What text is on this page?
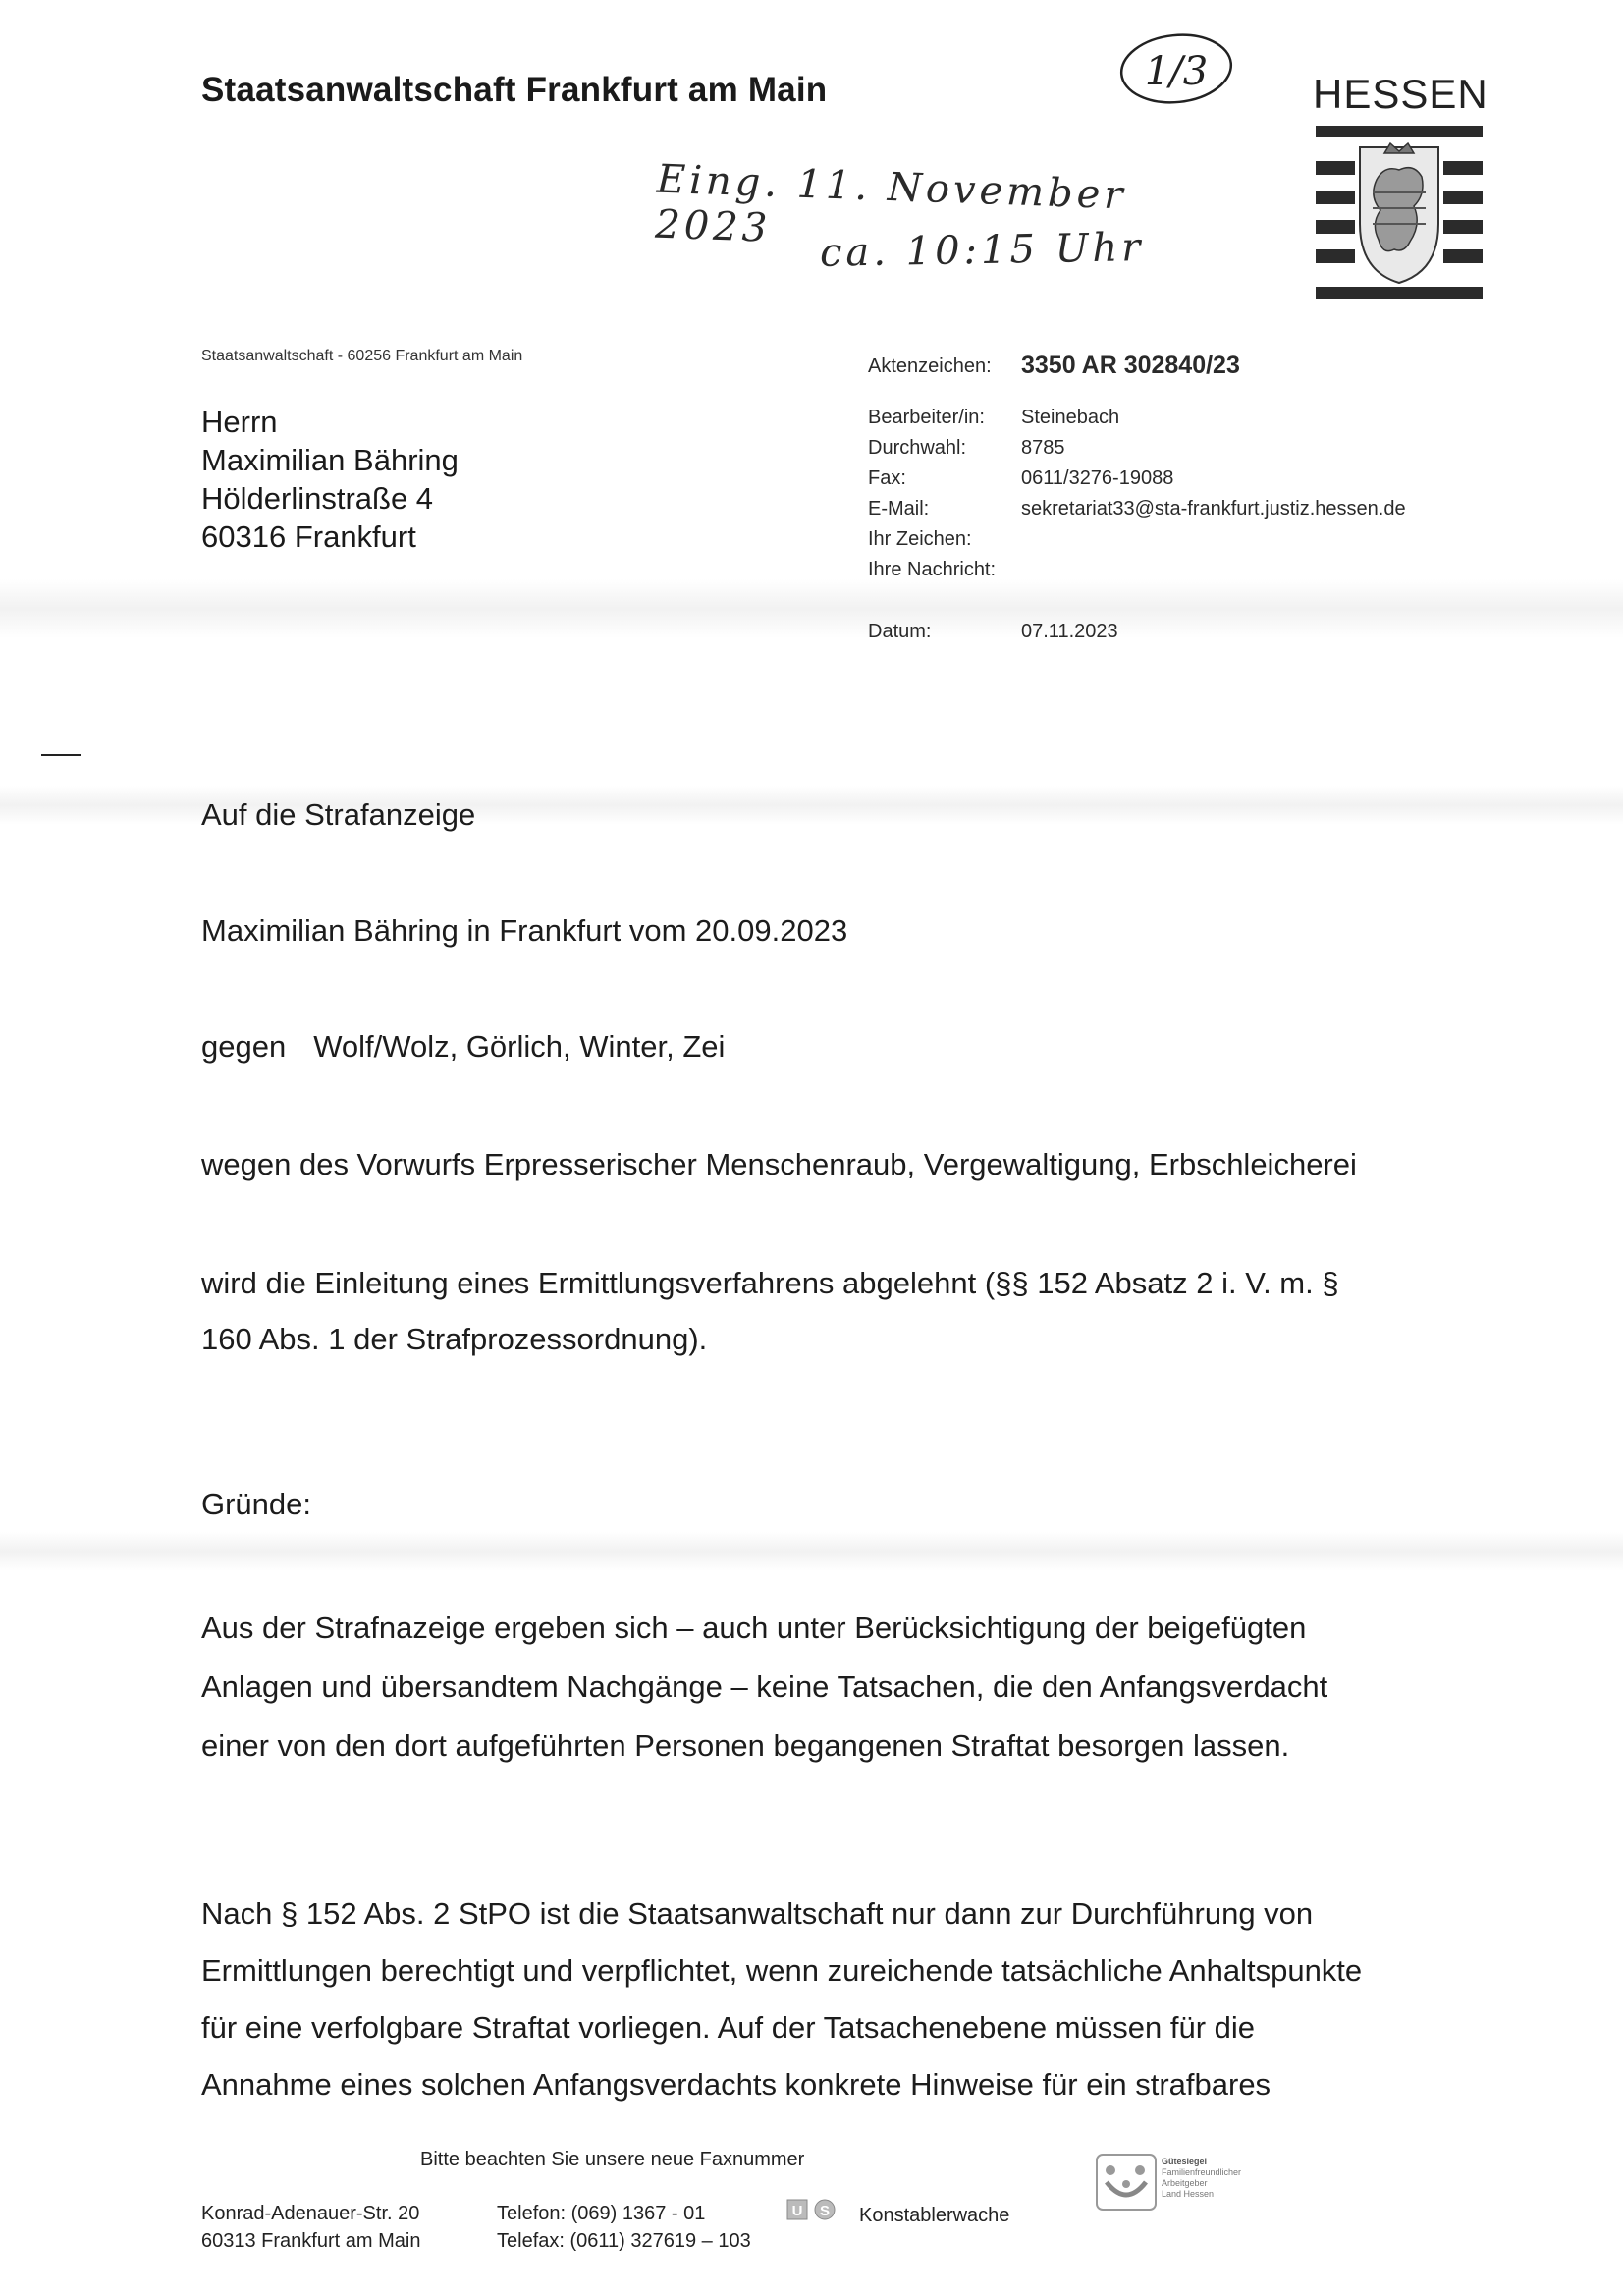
Staatsanwaltschaft Frankfurt am Main	1/3	HESSEN
Eing. 11. November 2023	ca. 10:15 Uhr
Staatsanwaltschaft - 60256 Frankfurt am Main
Herrn
Maximilian Bähring
Hölderlinstraße 4
60316 Frankfurt
Aktenzeichen: 3350 AR 302840/23
Bearbeiter/in: Steinebach
Durchwahl:	8785
Fax:	0611/3276-19088
E-Mail:	sekretariat33@sta-frankfurt.justiz.hessen.de
Ihr Zeichen:
Ihre Nachricht:
Datum:	07.11.2023
Auf die Strafanzeige
Maximilian Bähring in Frankfurt vom 20.09.2023
gegen Wolf/Wolz, Görlich, Winter, Zei
wegen des Vorwurfs Erpresserischer Menschenraub, Vergewaltigung, Erbschleicherei
wird die Einleitung eines Ermittlungsverfahrens abgelehnt (§§ 152 Absatz 2 i. V. m. §
160 Abs. 1 der Strafprozessordnung).
Gründe:
Aus der Strafnazeige ergeben sich – auch unter Berücksichtigung der beigefügten
Anlagen und übersandtem Nachgänge – keine Tatsachen, die den Anfangsverdacht
einer von den dort aufgeführten Personen begangenen Straftat besorgen lassen.
Nach § 152 Abs. 2 StPO ist die Staatsanwaltschaft nur dann zur Durchführung von
Ermittlungen berechtigt und verpflichtet, wenn zureichende tatsächliche Anhaltspunkte
für eine verfolgbare Straftat vorliegen. Auf der Tatsachenebene müssen für die
Annahme eines solchen Anfangsverdachts konkrete Hinweise für ein strafbares
Bitte beachten Sie unsere neue Faxnummer
Konrad-Adenauer-Str. 20
60313 Frankfurt am Main
Telefon: (069) 1367 - 01
Telefax: (0611) 327619 – 103
U S Konstablerwache
Gütesiegel
Familienfreundlicher
Arbeitgeber
Land Hessen
